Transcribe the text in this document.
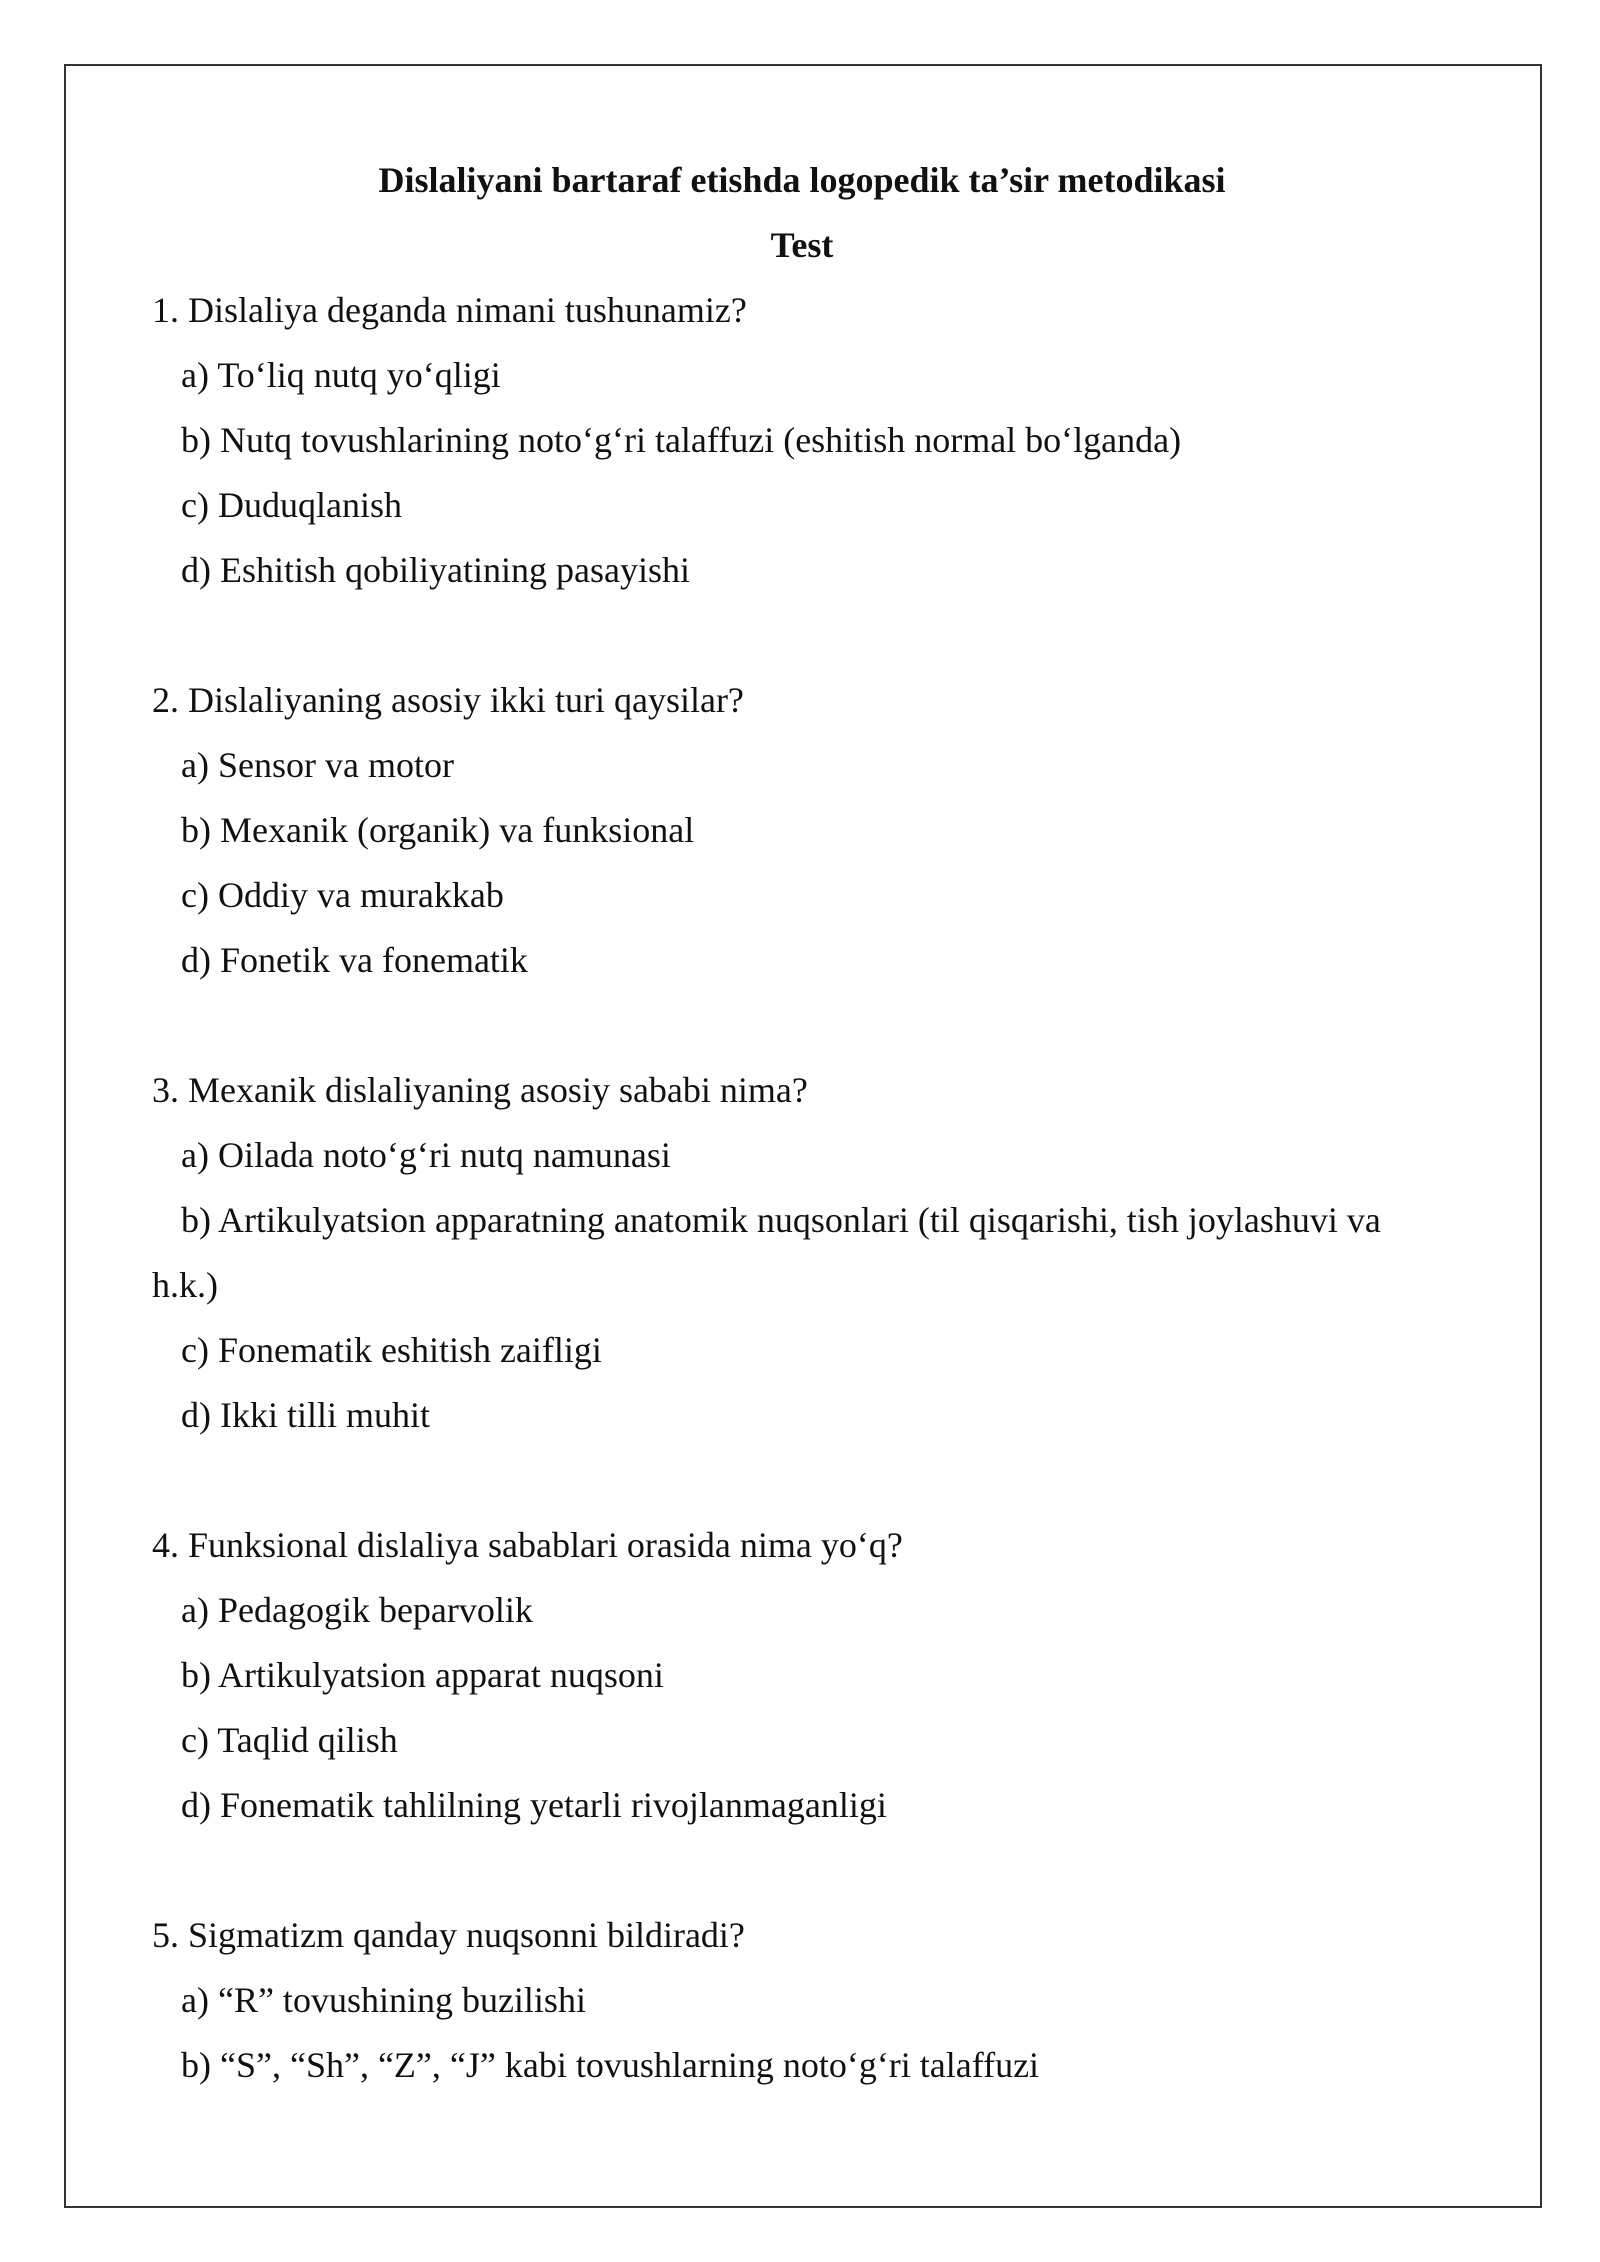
Dislaliyani bartaraf etishda logopedik ta’sir metodikasi
Test
1. Dislaliya deganda nimani tushunamiz?
a) To‘liq nutq yo‘qligi
b) Nutq tovushlarining noto‘g‘ri talaffuzi (eshitish normal bo‘lganda)
c) Duduqlanish
d) Eshitish qobiliyatining pasayishi
2. Dislaliyaning asosiy ikki turi qaysilar?
a) Sensor va motor
b) Mexanik (organik) va funksional
c) Oddiy va murakkab
d) Fonetik va fonematik
3. Mexanik dislaliyaning asosiy sababi nima?
a) Oilada noto‘g‘ri nutq namunasi
b) Artikulyatsion apparatning anatomik nuqsonlari (til qisqarishi, tish joylashuvi va
h.k.)
c) Fonematik eshitish zaifligi
d) Ikki tilli muhit
4. Funksional dislaliya sabablari orasida nima yo‘q?
a) Pedagogik beparvolik
b) Artikulyatsion apparat nuqsoni
c) Taqlid qilish
d) Fonematik tahlilning yetarli rivojlanmaganligi
5. Sigmatizm qanday nuqsonni bildiradi?
a) “R” tovushining buzilishi
b) “S”, “Sh”, “Z”, “J” kabi tovushlarning noto‘g‘ri talaffuzi
